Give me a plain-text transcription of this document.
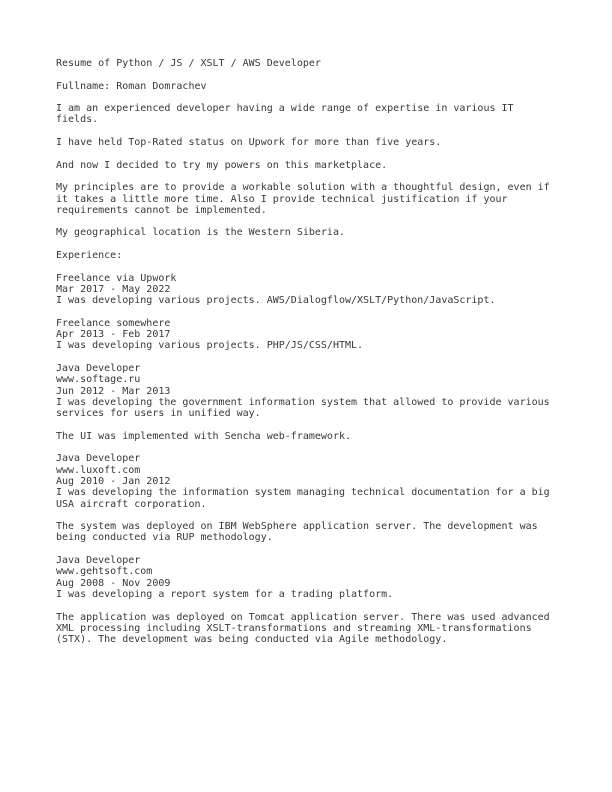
Resume of Python / JS / XSLT / AWS Developer
Fullname: Roman Domrachev
I am an experienced developer having a wide range of expertise in various IT
fields.
I have held Top-Rated status on Upwork for more than five years.
And now I decided to try my powers on this marketplace.
My principles are to provide a workable solution with a thoughtful design, even if
it takes a little more time. Also I provide technical justification if your
requirements cannot be implemented.
My geographical location is the Western Siberia.
Experience:
Freelance via Upwork
Mar 2017 - May 2022
I was developing various projects. AWS/Dialogflow/XSLT/Python/JavaScript.
Freelance somewhere
Apr 2013 - Feb 2017
I was developing various projects. PHP/JS/CSS/HTML.
Java Developer
www.softage.ru
Jun 2012 - Mar 2013
I was developing the government information system that allowed to provide various
services for users in unified way.
The UI was implemented with Sencha web-framework.
Java Developer
www.luxoft.com
Aug 2010 - Jan 2012
I was developing the information system managing technical documentation for a big
USA aircraft corporation.
The system was deployed on IBM WebSphere application server. The development was
being conducted via RUP methodology.
Java Developer
www.gehtsoft.com
Aug 2008 - Nov 2009
I was developing a report system for a trading platform.
The application was deployed on Tomcat application server. There was used advanced
XML processing including XSLT-transformations and streaming XML-transformations
(STX). The development was being conducted via Agile methodology.
